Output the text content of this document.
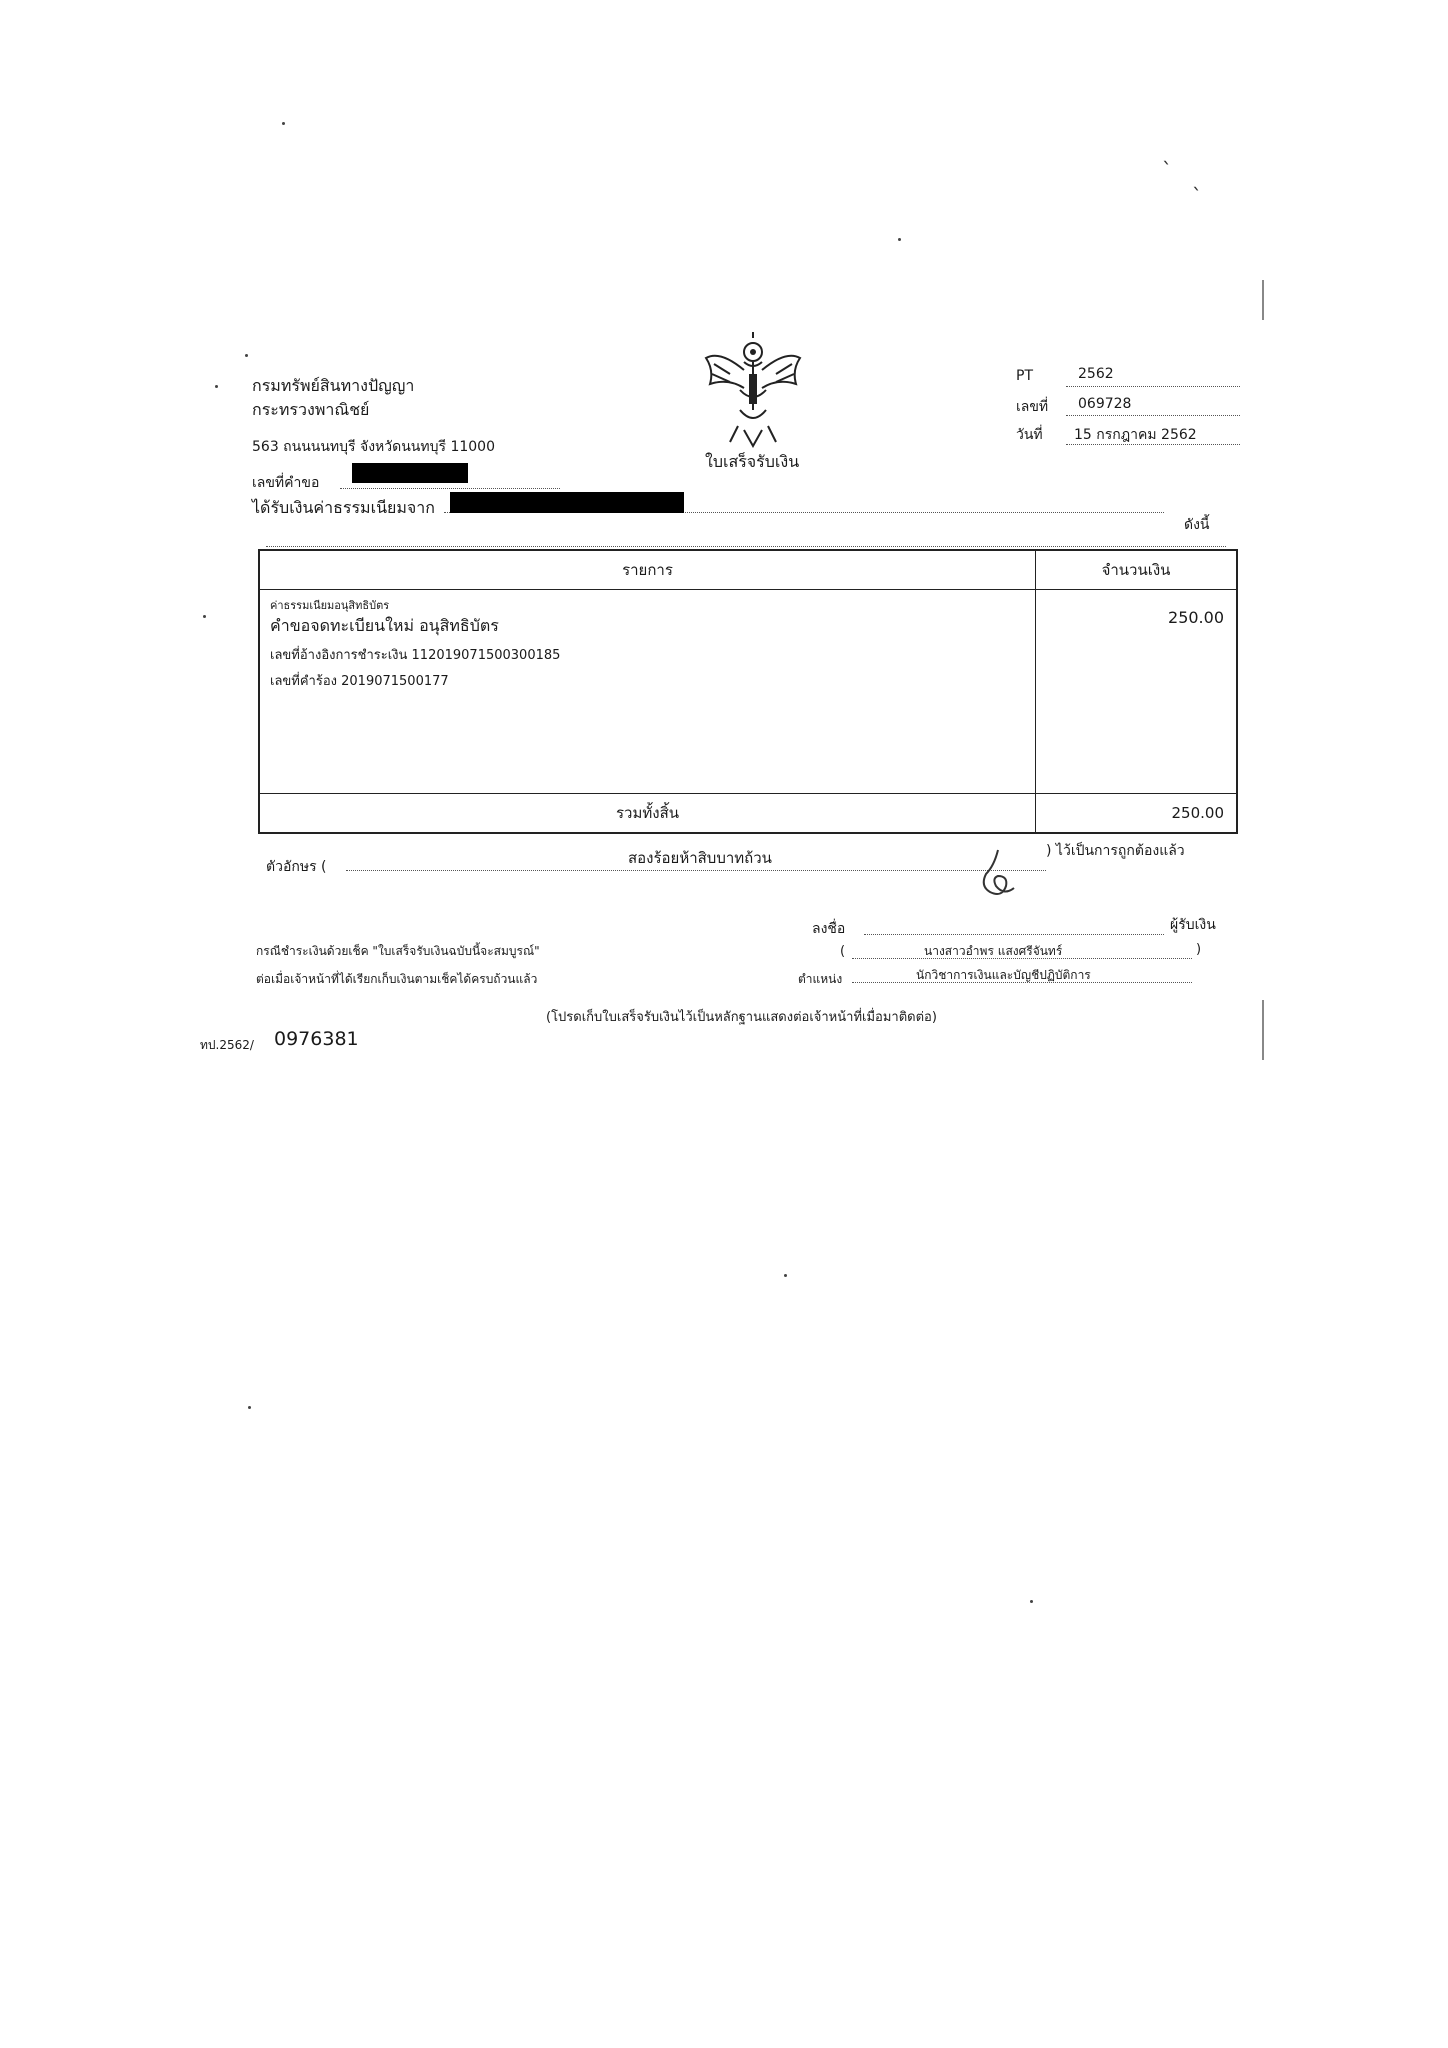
`
`
กรมทรัพย์สินทางปัญญา
กระทรวงพาณิชย์
563 ถนนนนทบุรี จังหวัดนนทบุรี 11000
ใบเสร็จรับเงิน
PT	2562
เลขที่ 069728
วันที่ 15 กรกฎาคม 2562
เลขที่คำขอ
ได้รับเงินค่าธรรมเนียมจาก
ดังนี้
รายการ	จำนวนเงิน

ค่าธรรมเนียมอนุสิทธิบัตร
คำขอจดทะเบียนใหม่ อนุสิทธิบัตร
เลขที่อ้างอิงการชำระเงิน 112019071500300185
เลขที่คำร้อง 2019071500177	250.00

รวมทั้งสิ้น	250.00
ตัวอักษร (	สองร้อยห้าสิบบาทถ้วน	) ไว้เป็นการถูกต้องแล้ว
ลงชื่อ	ผู้รับเงิน
(	นางสาวอำพร แสงศรีจันทร์	)
ตำแหน่ง	นักวิชาการเงินและบัญชีปฏิบัติการ
กรณีชำระเงินด้วยเช็ค "ใบเสร็จรับเงินฉบับนี้จะสมบูรณ์"
ต่อเมื่อเจ้าหน้าที่ได้เรียกเก็บเงินตามเช็คได้ครบถ้วนแล้ว
(โปรดเก็บใบเสร็จรับเงินไว้เป็นหลักฐานแสดงต่อเจ้าหน้าที่เมื่อมาติดต่อ)
ทป.2562/ 0976381
